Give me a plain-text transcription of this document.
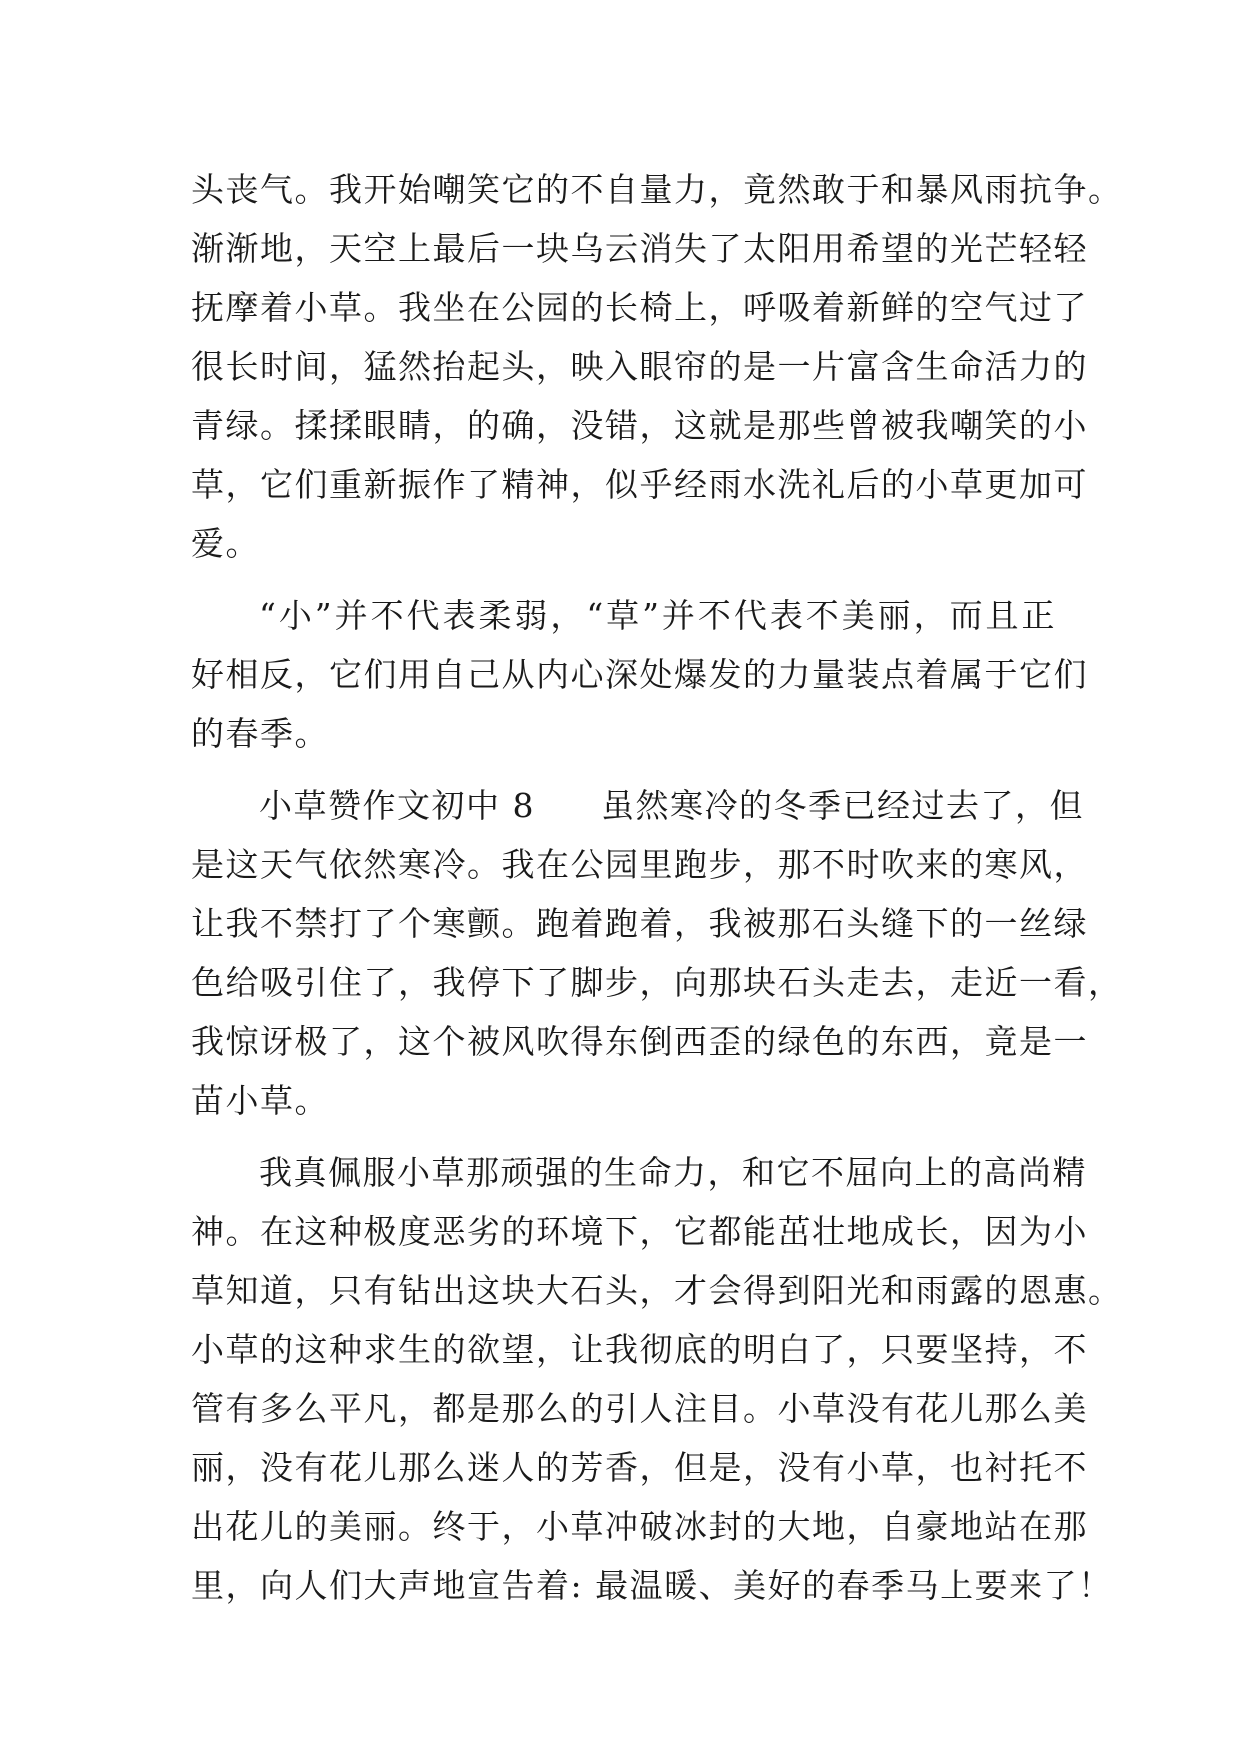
头丧气。我开始嘲笑它的不自量力，竟然敢于和暴风雨抗争。
渐渐地，天空上最后一块乌云消失了太阳用希望的光芒轻轻
抚摩着小草。我坐在公园的长椅上，呼吸着新鲜的空气过了
很长时间，猛然抬起头，映入眼帘的是一片富含生命活力的
青绿。揉揉眼睛，的确，没错，这就是那些曾被我嘲笑的小
草，它们重新振作了精神，似乎经雨水洗礼后的小草更加可
爱。

“小”并不代表柔弱，“草”并不代表不美丽，而且正
好相反，它们用自己从内心深处爆发的力量装点着属于它们
的春季。

小草赞作文初中 8 虽然寒冷的冬季已经过去了，但
是这天气依然寒冷。我在公园里跑步，那不时吹来的寒风，
让我不禁打了个寒颤。跑着跑着，我被那石头缝下的一丝绿
色给吸引住了，我停下了脚步，向那块石头走去，走近一看，
我惊讶极了，这个被风吹得东倒西歪的绿色的东西，竟是一
苗小草。

我真佩服小草那顽强的生命力，和它不屈向上的高尚精
神。在这种极度恶劣的环境下，它都能茁壮地成长，因为小
草知道，只有钻出这块大石头，才会得到阳光和雨露的恩惠。
小草的这种求生的欲望，让我彻底的明白了，只要坚持，不
管有多么平凡，都是那么的引人注目。小草没有花儿那么美
丽，没有花儿那么迷人的芳香，但是，没有小草，也衬托不
出花儿的美丽。终于，小草冲破冰封的大地，自豪地站在那
里，向人们大声地宣告着: 最温暖、美好的春季马上要来了！
